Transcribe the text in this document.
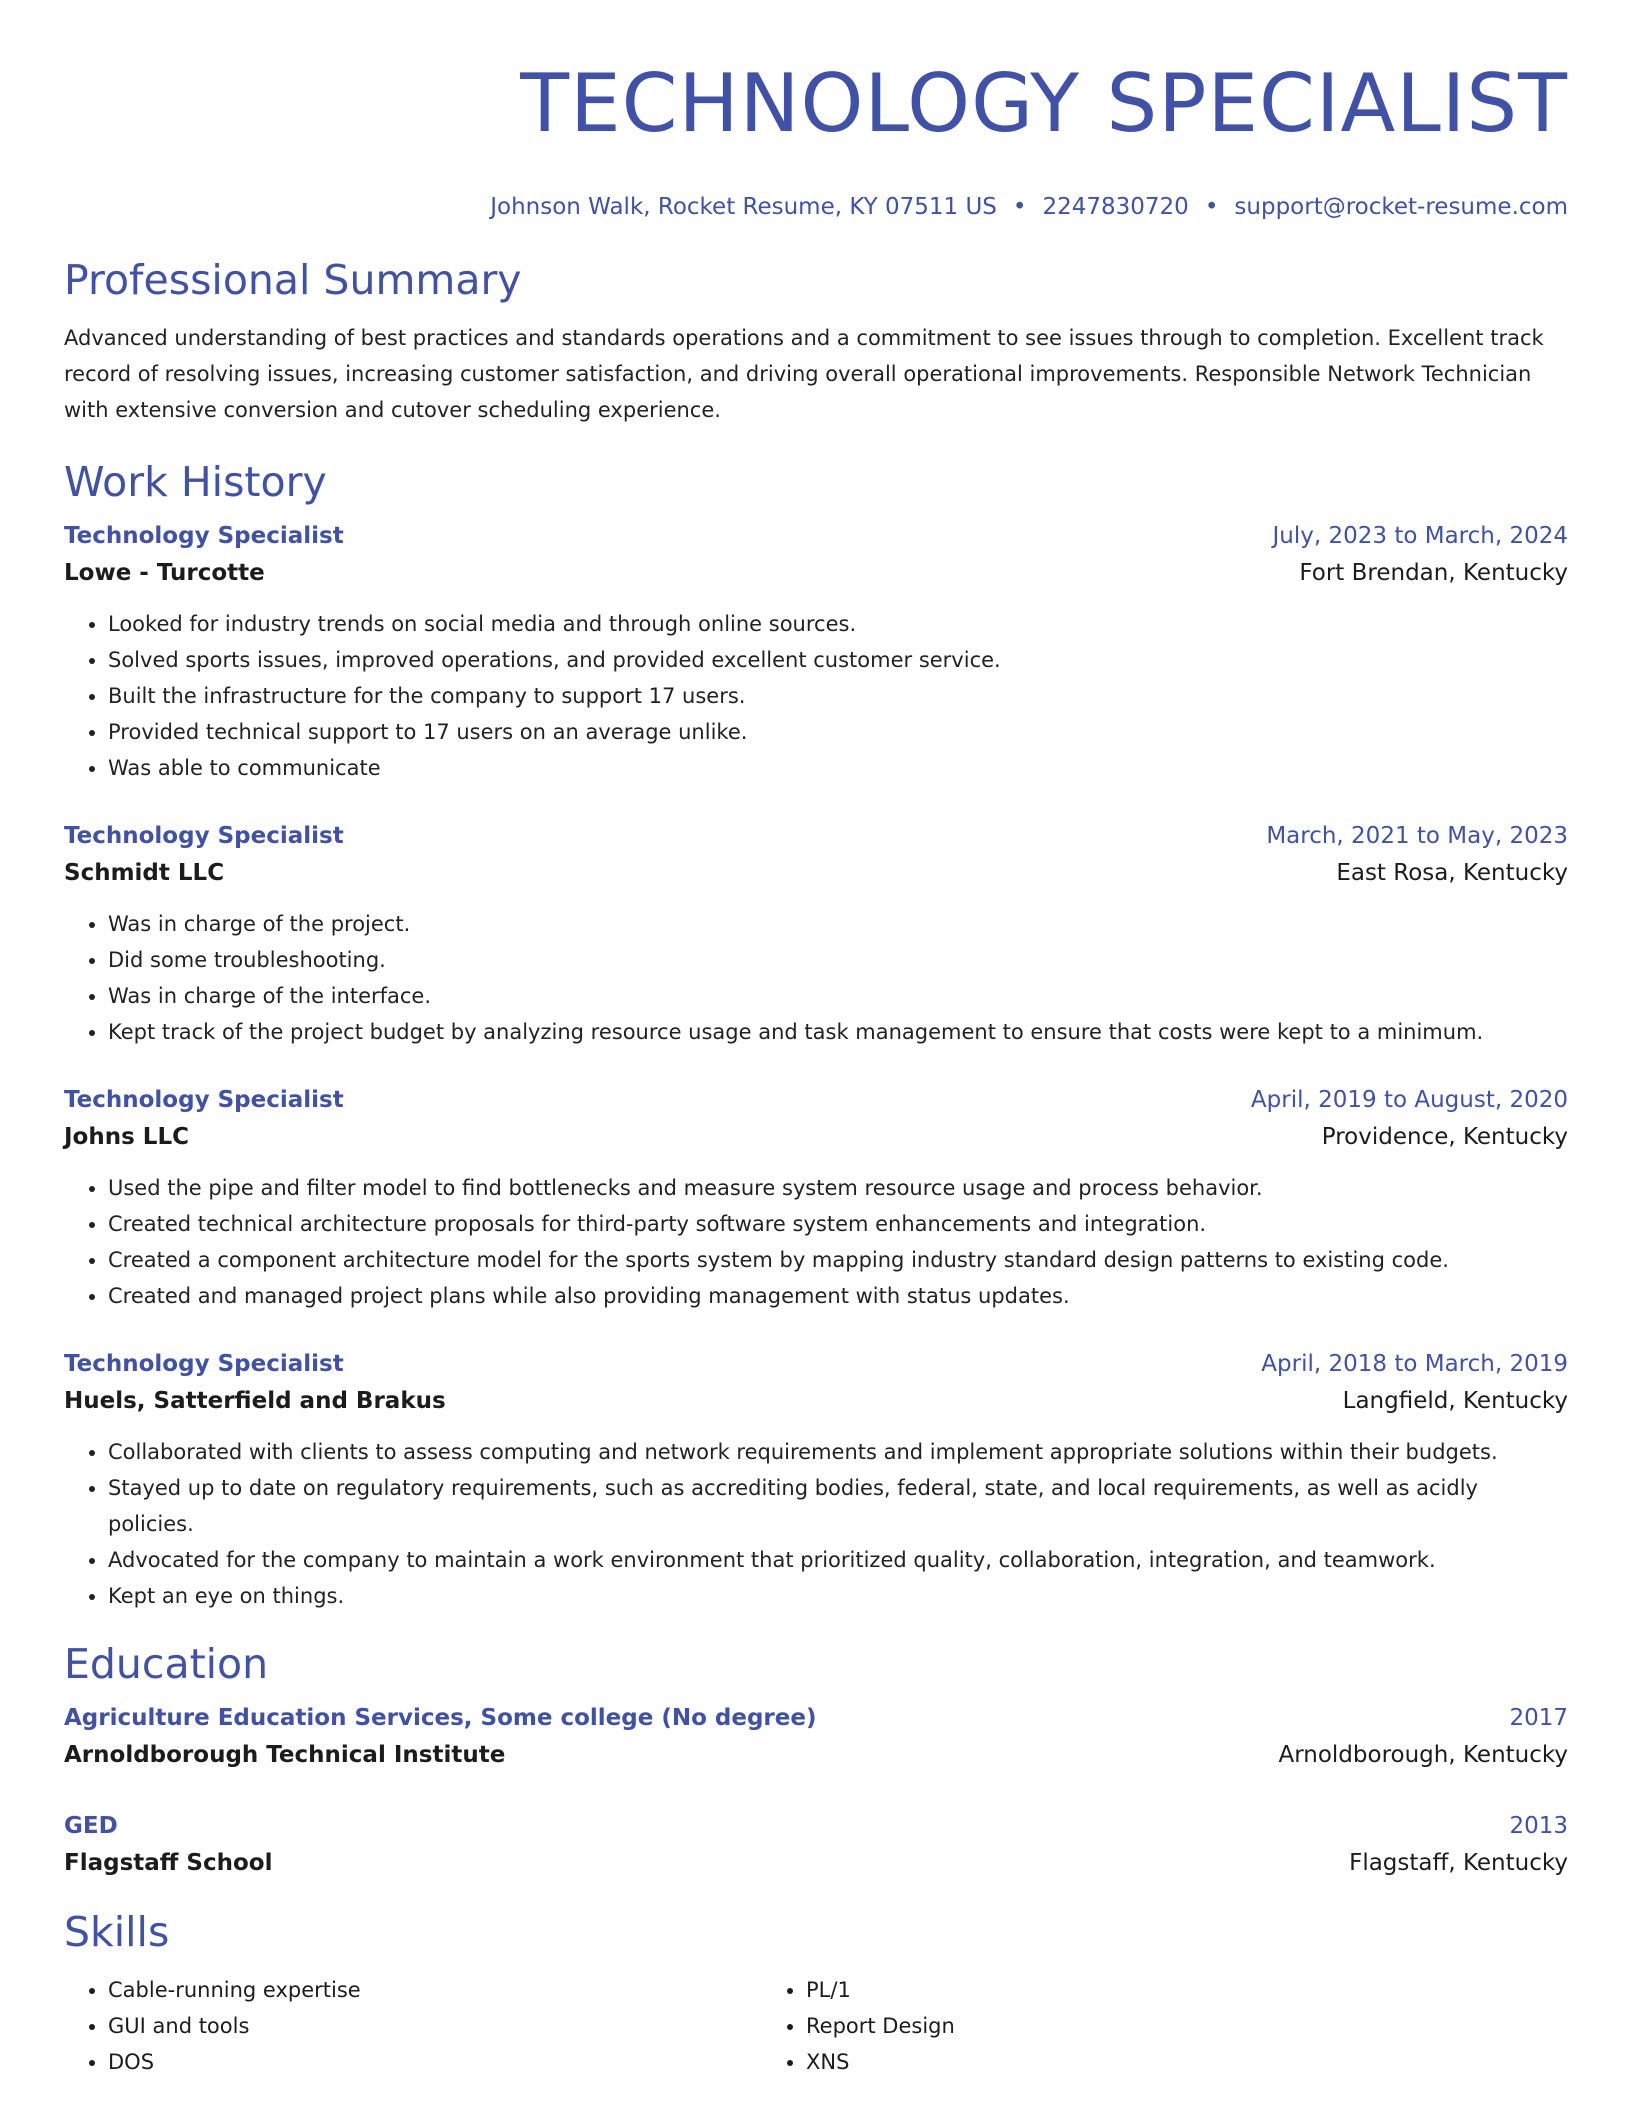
TECHNOLOGY SPECIALIST
Johnson Walk, Rocket Resume, KY 07511 US • 2247830720 • support@rocket-resume.com
Professional Summary

Advanced understanding of best practices and standards operations and a commitment to see issues through to completion. Excellent track record of resolving issues, increasing customer satisfaction, and driving overall operational improvements. Responsible Network Technician with extensive conversion and cutover scheduling experience.

Work History
Technology Specialist	July, 2023 to March, 2024
Lowe - Turcotte	Fort Brendan, Kentucky
• Looked for industry trends on social media and through online sources.
• Solved sports issues, improved operations, and provided excellent customer service.
• Built the infrastructure for the company to support 17 users.
• Provided technical support to 17 users on an average unlike.
• Was able to communicate
Technology Specialist	March, 2021 to May, 2023
Schmidt LLC	East Rosa, Kentucky
• Was in charge of the project.
• Did some troubleshooting.
• Was in charge of the interface.
• Kept track of the project budget by analyzing resource usage and task management to ensure that costs were kept to a minimum.
Technology Specialist	April, 2019 to August, 2020
Johns LLC	Providence, Kentucky
• Used the pipe and filter model to find bottlenecks and measure system resource usage and process behavior.
• Created technical architecture proposals for third-party software system enhancements and integration.
• Created a component architecture model for the sports system by mapping industry standard design patterns to existing code.
• Created and managed project plans while also providing management with status updates.
Technology Specialist	April, 2018 to March, 2019
Huels, Satterfield and Brakus	Langfield, Kentucky
• Collaborated with clients to assess computing and network requirements and implement appropriate solutions within their budgets.
• Stayed up to date on regulatory requirements, such as accrediting bodies, federal, state, and local requirements, as well as acidly policies.
• Advocated for the company to maintain a work environment that prioritized quality, collaboration, integration, and teamwork.
• Kept an eye on things.
Education
Agriculture Education Services, Some college (No degree)	2017
Arnoldborough Technical Institute	Arnoldborough, Kentucky
GED	2013
Flagstaff School	Flagstaff, Kentucky
Skills
• Cable-running expertise
• GUI and tools
• DOS
• PL/1
• Report Design
• XNS
